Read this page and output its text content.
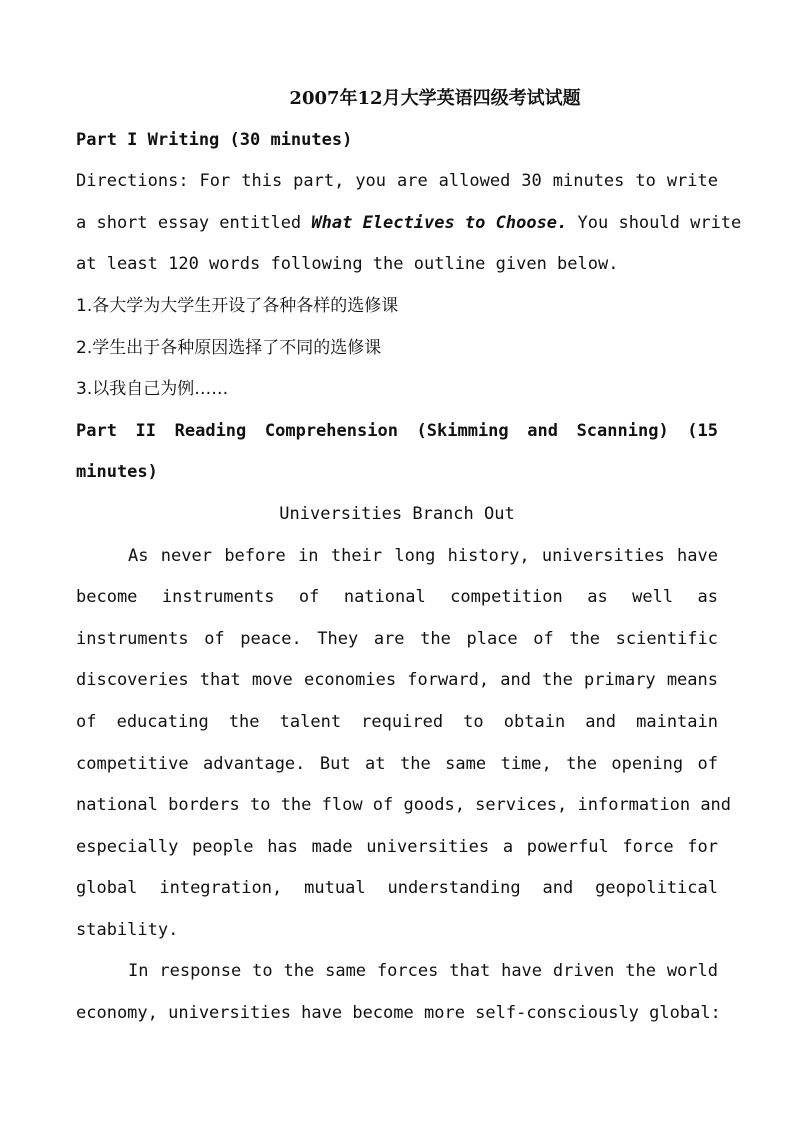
2007年12月大学英语四级考试试题

Part I Writing (30 minutes)

Directions: For this part, you are allowed 30 minutes to write

a short essay entitled What Electives to Choose. You should write

at least 120 words following the outline given below.

1.各大学为大学生开设了各种各样的选修课

2.学生出于各种原因选择了不同的选修课

3.以我自己为例……

Part II Reading Comprehension (Skimming and Scanning) (15

minutes)

Universities Branch Out

As never before in their long history, universities have

become instruments of national competition as well as

instruments of peace. They are the place of the scientific

discoveries that move economies forward, and the primary means

of educating the talent required to obtain and maintain

competitive advantage. But at the same time, the opening of

national borders to the flow of goods, services, information and

especially people has made universities a powerful force for

global integration, mutual understanding and geopolitical

stability.

In response to the same forces that have driven the world

economy, universities have become more self-consciously global:
